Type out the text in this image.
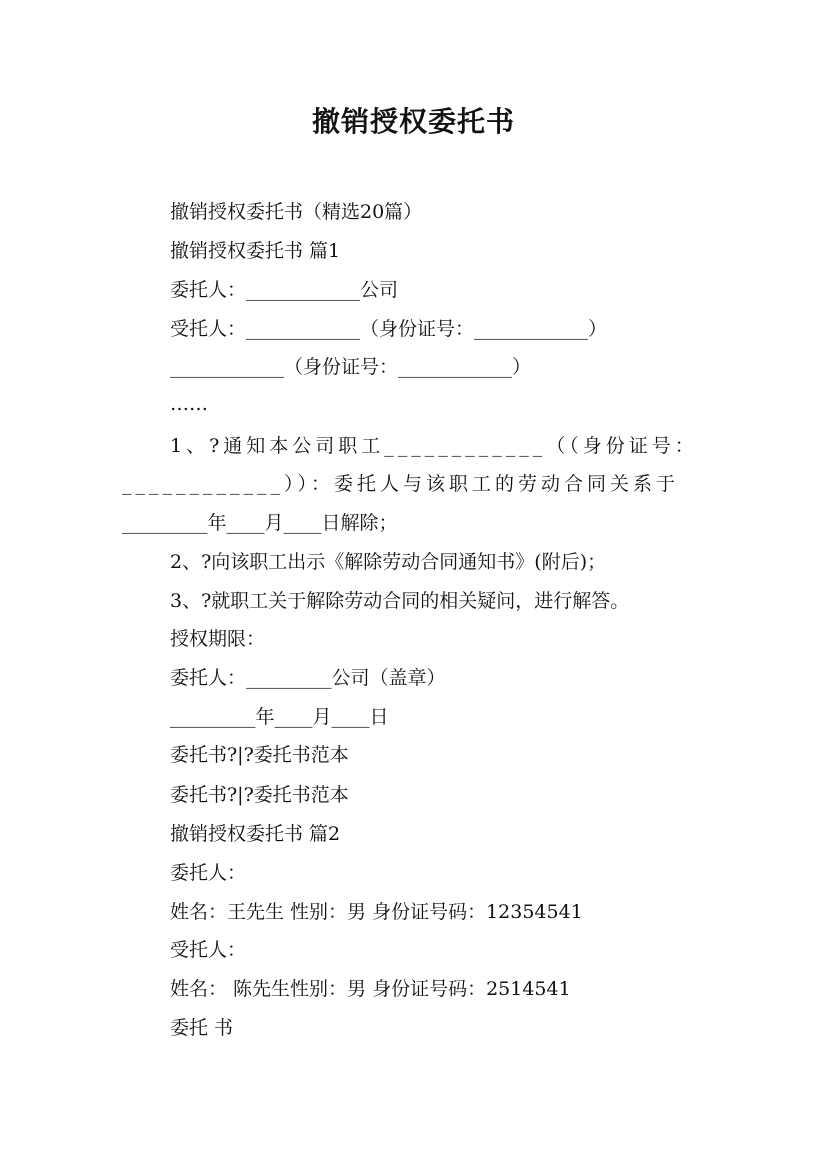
撤销授权委托书
撤销授权委托书（精选20篇）
撤销授权委托书 篇1
委托人：____________公司
受托人：____________（身份证号：____________）
____________（身份证号：____________）
……
1、?通知本公司职工____________（（身份证号：
____________））：委托人与该职工的劳动合同关系于
_________年____月____日解除；
2、?向该职工出示《解除劳动合同通知书》(附后)；
3、?就职工关于解除劳动合同的相关疑问，进行解答。
授权期限：
委托人：_________公司（盖章）
_________年____月____日
委托书?|?委托书范本
委托书?|?委托书范本
撤销授权委托书 篇2
委托人：
姓名：王先生 性别：男 身份证号码：12354541
受托人：
姓名： 陈先生性别：男 身份证号码：2514541
委托 书
